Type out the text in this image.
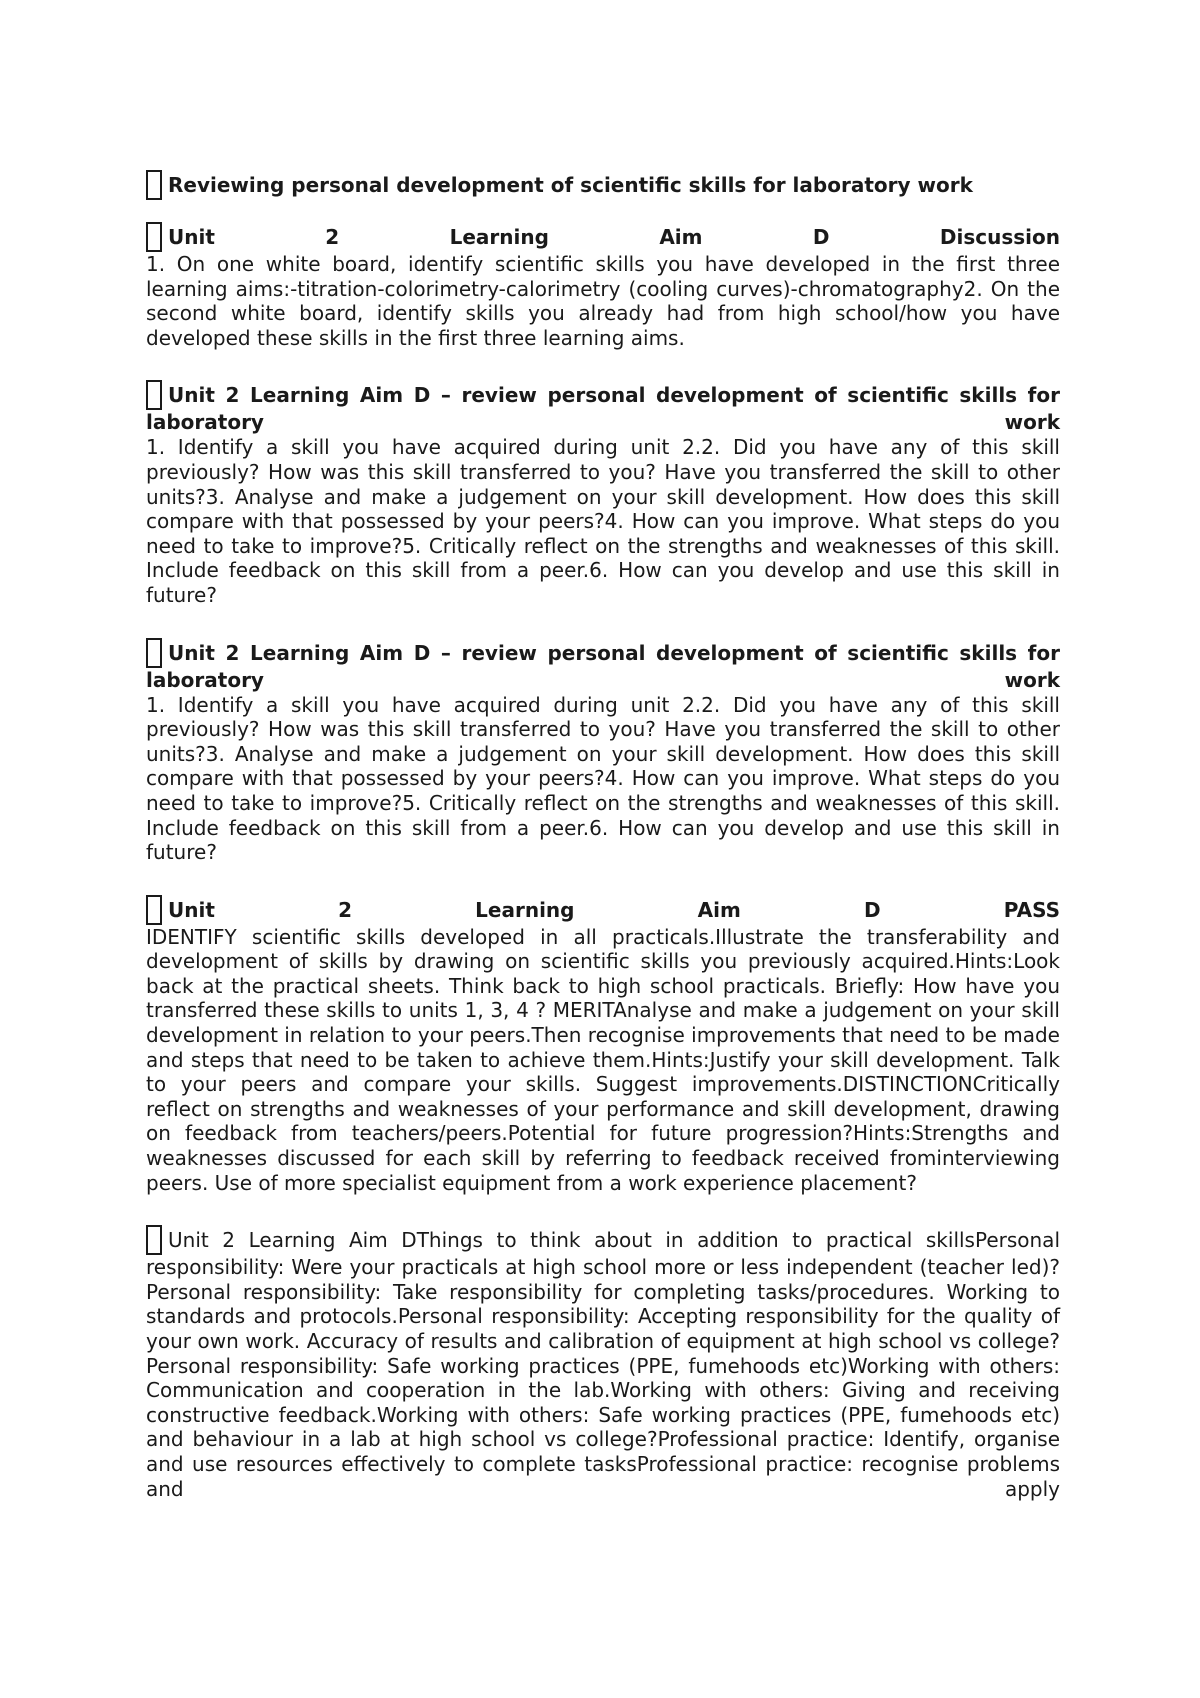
Reviewing personal development of scientific skills for laboratory work

Unit 2 Learning Aim D Discussion

1. On one white board, identify scientific skills you have developed in the first three learning aims:-titration-colorimetry-calorimetry (cooling curves)-chromatography2. On the second white board, identify skills you already had from high school/how you have developed these skills in the first three learning aims.

Unit 2 Learning Aim D – review personal development of scientific skills for laboratory work

1. Identify a skill you have acquired during unit 2.2. Did you have any of this skill previously? How was this skill transferred to you? Have you transferred the skill to other units?3. Analyse and make a judgement on your skill development. How does this skill compare with that possessed by your peers?4. How can you improve. What steps do you need to take to improve?5. Critically reflect on the strengths and weaknesses of this skill. Include feedback on this skill from a peer.6. How can you develop and use this skill in future?

Unit 2 Learning Aim D – review personal development of scientific skills for laboratory work

1. Identify a skill you have acquired during unit 2.2. Did you have any of this skill previously? How was this skill transferred to you? Have you transferred the skill to other units?3. Analyse and make a judgement on your skill development. How does this skill compare with that possessed by your peers?4. How can you improve. What steps do you need to take to improve?5. Critically reflect on the strengths and weaknesses of this skill. Include feedback on this skill from a peer.6. How can you develop and use this skill in future?

Unit 2 Learning Aim D PASS

IDENTIFY scientific skills developed in all practicals.Illustrate the transferability and development of skills by drawing on scientific skills you previously acquired.Hints:Look back at the practical sheets. Think back to high school practicals. Briefly: How have you transferred these skills to units 1, 3, 4 ? MERITAnalyse and make a judgement on your skill development in relation to your peers.Then recognise improvements that need to be made and steps that need to be taken to achieve them.Hints:Justify your skill development. Talk to your peers and compare your skills. Suggest improvements.DISTINCTIONCritically reflect on strengths and weaknesses of your performance and skill development, drawing on feedback from teachers/peers.Potential for future progression?Hints:Strengths and weaknesses discussed for each skill by referring to feedback received frominterviewing peers. Use of more specialist equipment from a work experience placement?

Unit 2 Learning Aim DThings to think about in addition to practical skillsPersonal responsibility: Were your practicals at high school more or less independent (teacher led)?Personal responsibility: Take responsibility for completing tasks/procedures. Working to standards and protocols.Personal responsibility: Accepting responsibility for the quality of your own work. Accuracy of results and calibration of equipment at high school vs college?Personal responsibility: Safe working practices (PPE, fumehoods etc)Working with others: Communication and cooperation in the lab.Working with others: Giving and receiving constructive feedback.Working with others: Safe working practices (PPE, fumehoods etc) and behaviour in a lab at high school vs college?Professional practice: Identify, organise and use resources effectively to complete tasksProfessional practice: recognise problems and apply
